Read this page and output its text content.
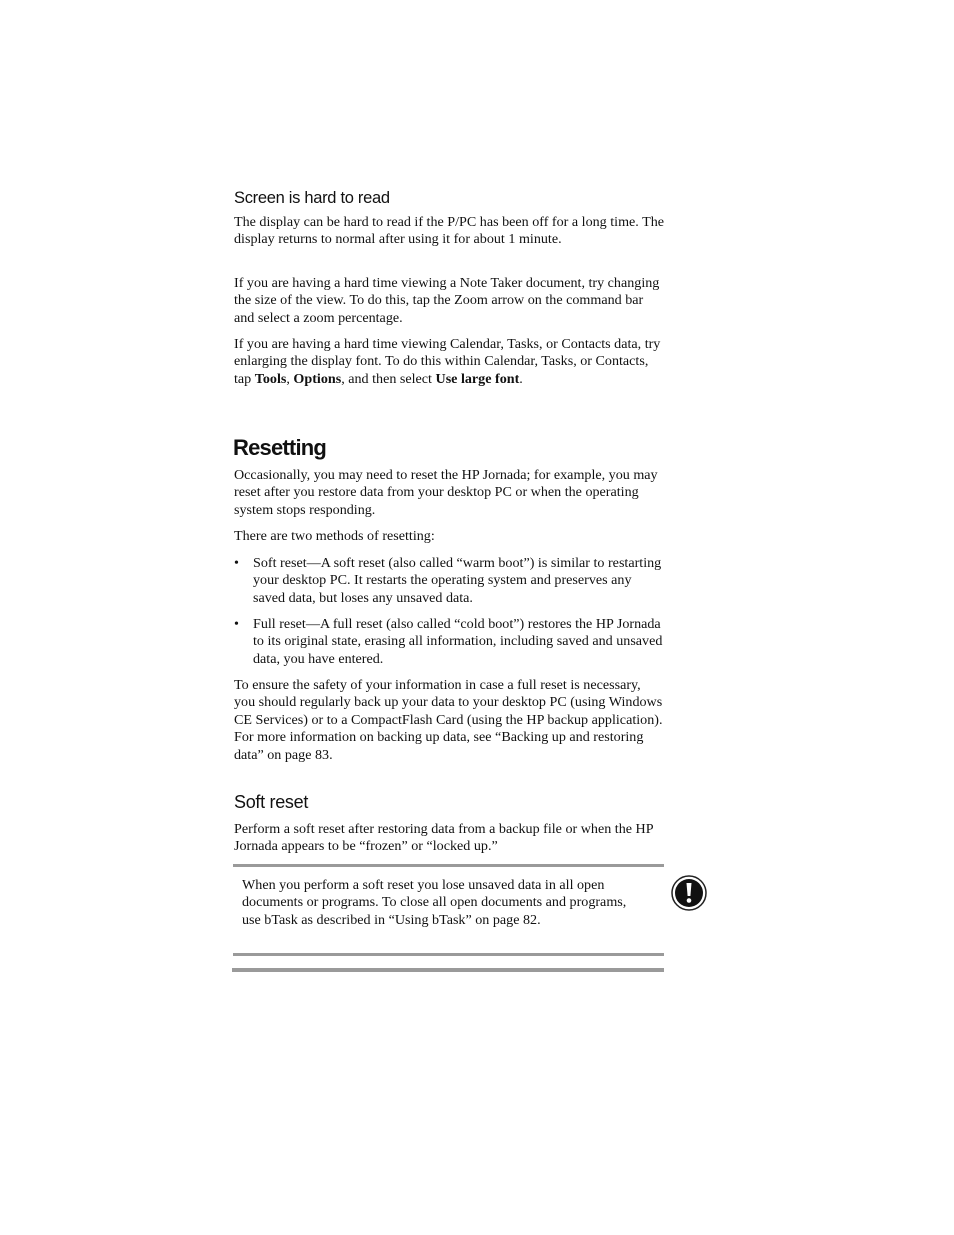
Screen is hard to read

The display can be hard to read if the P/PC has been off for a long time. The display returns to normal after using it for about 1 minute.

If you are having a hard time viewing a Note Taker document, try changing the size of the view. To do this, tap the Zoom arrow on the command bar and select a zoom percentage.

If you are having a hard time viewing Calendar, Tasks, or Contacts data, try enlarging the display font. To do this within Calendar, Tasks, or Contacts, tap Tools, Options, and then select Use large font.

Resetting

Occasionally, you may need to reset the HP Jornada; for example, you may reset after you restore data from your desktop PC or when the operating system stops responding.

There are two methods of resetting:

• Soft reset—A soft reset (also called “warm boot”) is similar to restarting your desktop PC. It restarts the operating system and preserves any saved data, but loses any unsaved data.
• Full reset—A full reset (also called “cold boot”) restores the HP Jornada to its original state, erasing all information, including saved and unsaved data, you have entered.

To ensure the safety of your information in case a full reset is necessary, you should regularly back up your data to your desktop PC (using Windows CE Services) or to a CompactFlash Card (using the HP backup application). For more information on backing up data, see “Backing up and restoring data” on page 83.

Soft reset

Perform a soft reset after restoring data from a backup file or when the HP Jornada appears to be “frozen” or “locked up.”

When you perform a soft reset you lose unsaved data in all open documents or programs. To close all open documents and programs, use bTask as described in “Using bTask” on page 82.
